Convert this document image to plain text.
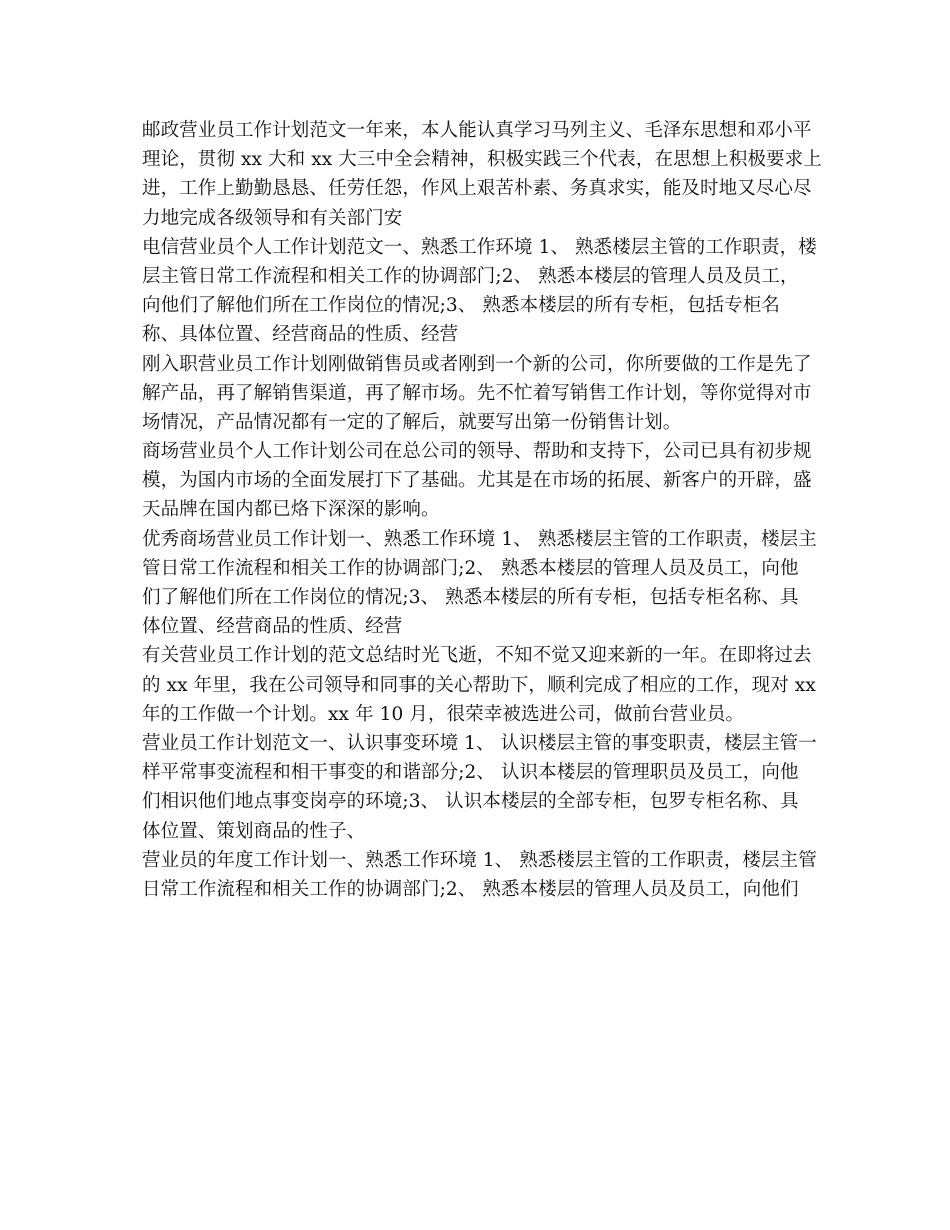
邮政营业员工作计划范文一年来，本人能认真学习马列主义、毛泽东思想和邓小平
理论，贯彻 xx 大和 xx 大三中全会精神，积极实践三个代表，在思想上积极要求上
进，工作上勤勤恳恳、任劳任怨，作风上艰苦朴素、务真求实，能及时地又尽心尽
力地完成各级领导和有关部门安
电信营业员个人工作计划范文一、熟悉工作环境 1、 熟悉楼层主管的工作职责，楼
层主管日常工作流程和相关工作的协调部门;2、 熟悉本楼层的管理人员及员工，
向他们了解他们所在工作岗位的情况;3、 熟悉本楼层的所有专柜，包括专柜名
称、具体位置、经营商品的性质、经营
刚入职营业员工作计划刚做销售员或者刚到一个新的公司，你所要做的工作是先了
解产品，再了解销售渠道，再了解市场。先不忙着写销售工作计划，等你觉得对市
场情况，产品情况都有一定的了解后，就要写出第一份销售计划。
商场营业员个人工作计划公司在总公司的领导、帮助和支持下，公司已具有初步规
模，为国内市场的全面发展打下了基础。尤其是在市场的拓展、新客户的开辟，盛
天品牌在国内都已烙下深深的影响。
优秀商场营业员工作计划一、熟悉工作环境 1、 熟悉楼层主管的工作职责，楼层主
管日常工作流程和相关工作的协调部门;2、 熟悉本楼层的管理人员及员工，向他
们了解他们所在工作岗位的情况;3、 熟悉本楼层的所有专柜，包括专柜名称、具
体位置、经营商品的性质、经营
有关营业员工作计划的范文总结时光飞逝，不知不觉又迎来新的一年。在即将过去
的 xx 年里，我在公司领导和同事的关心帮助下，顺利完成了相应的工作，现对 xx
年的工作做一个计划。xx 年 10 月，很荣幸被选进公司，做前台营业员。
营业员工作计划范文一、认识事变环境 1、 认识楼层主管的事变职责，楼层主管一
样平常事变流程和相干事变的和谐部分;2、 认识本楼层的管理职员及员工，向他
们相识他们地点事变岗亭的环境;3、 认识本楼层的全部专柜，包罗专柜名称、具
体位置、策划商品的性子、
营业员的年度工作计划一、熟悉工作环境 1、 熟悉楼层主管的工作职责，楼层主管
日常工作流程和相关工作的协调部门;2、 熟悉本楼层的管理人员及员工，向他们
